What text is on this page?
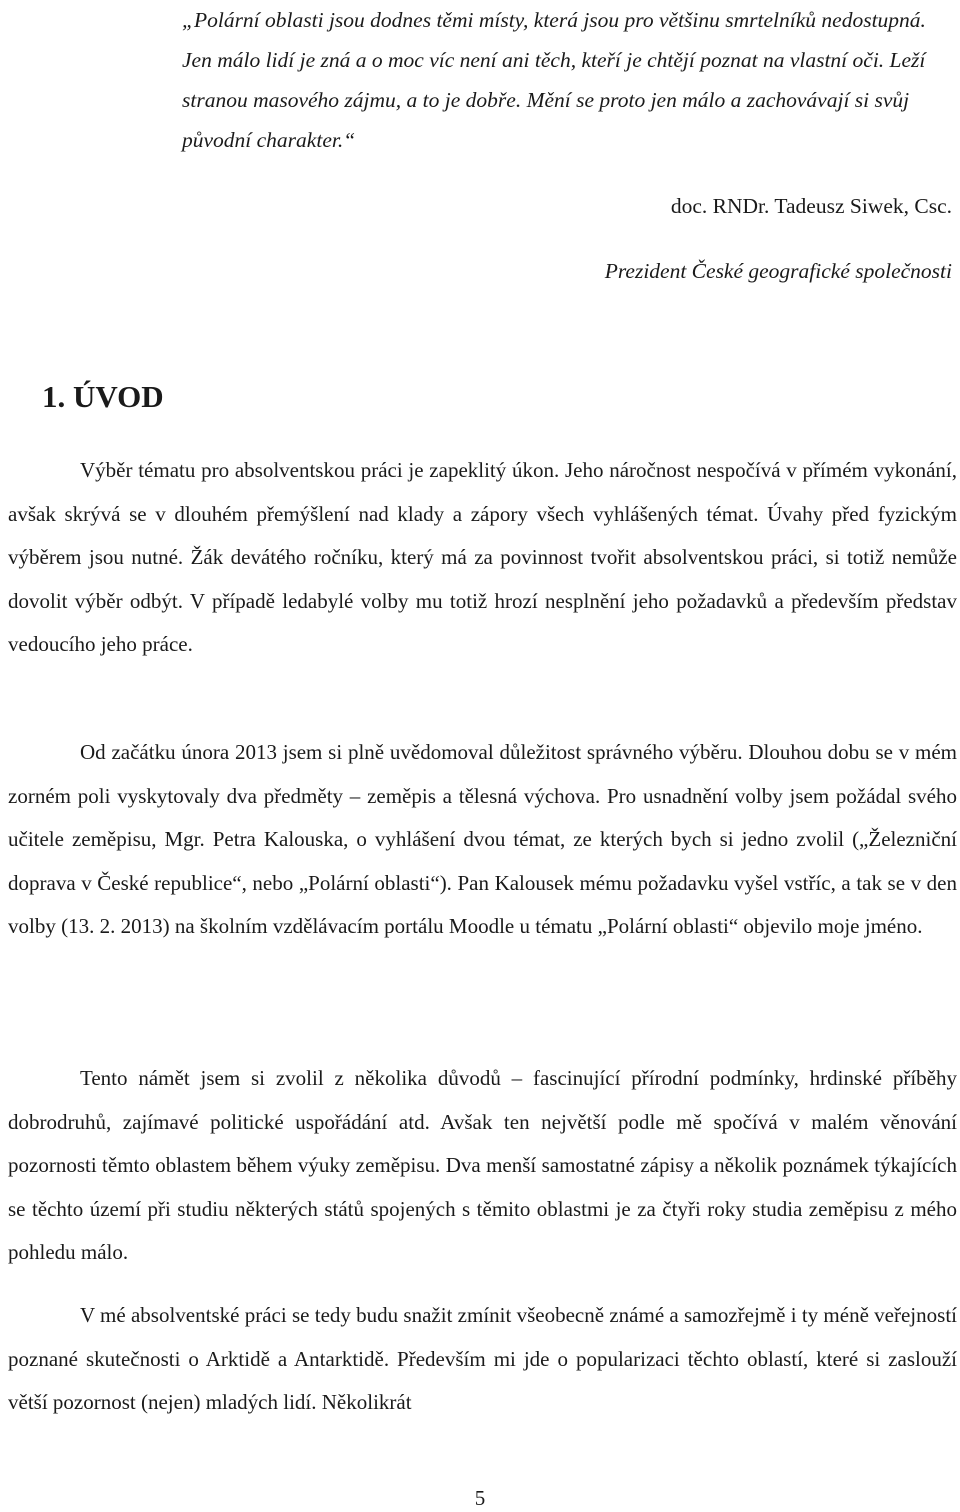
„Polární oblasti jsou dodnes těmi místy, která jsou pro většinu smrtelníků nedostupná. Jen málo lidí je zná a o moc víc není ani těch, kteří je chtějí poznat na vlastní oči. Leží stranou masového zájmu, a to je dobře. Mění se proto jen málo a zachovávají si svůj původní charakter.“

doc. RNDr. Tadeusz Siwek, Csc.

Prezident České geografické společnosti

1. ÚVOD

Výběr tématu pro absolventskou práci je zapeklitý úkon. Jeho náročnost nespočívá v přímém vykonání, avšak skrývá se v dlouhém přemýšlení nad klady a zápory všech vyhlášených témat. Úvahy před fyzickým výběrem jsou nutné. Žák devátého ročníku, který má za povinnost tvořit absolventskou práci, si totiž nemůže dovolit výběr odbýt. V případě ledabylé volby mu totiž hrozí nesplnění jeho požadavků a především představ vedoucího jeho práce.

Od začátku února 2013 jsem si plně uvědomoval důležitost správného výběru. Dlouhou dobu se v mém zorném poli vyskytovaly dva předměty – zeměpis a tělesná výchova. Pro usnadnění volby jsem požádal svého učitele zeměpisu, Mgr. Petra Kalouska, o vyhlášení dvou témat, ze kterých bych si jedno zvolil („Železniční doprava v České republice“, nebo „Polární oblasti“). Pan Kalousek mému požadavku vyšel vstříc, a tak se v den volby (13. 2. 2013) na školním vzdělávacím portálu Moodle u tématu „Polární oblasti“ objevilo moje jméno.

Tento námět jsem si zvolil z několika důvodů – fascinující přírodní podmínky, hrdinské příběhy dobrodruhů, zajímavé politické uspořádání atd. Avšak ten největší podle mě spočívá v malém věnování pozornosti těmto oblastem během výuky zeměpisu. Dva menší samostatné zápisy a několik poznámek týkajících se těchto území při studiu některých států spojených s těmito oblastmi je za čtyři roky studia zeměpisu z mého pohledu málo.

V mé absolventské práci se tedy budu snažit zmínit všeobecně známé a samozřejmě i ty méně veřejností poznané skutečnosti o Arktidě a Antarktidě. Především mi jde o popularizaci těchto oblastí, které si zaslouží větší pozornost (nejen) mladých lidí. Několikrát

5
